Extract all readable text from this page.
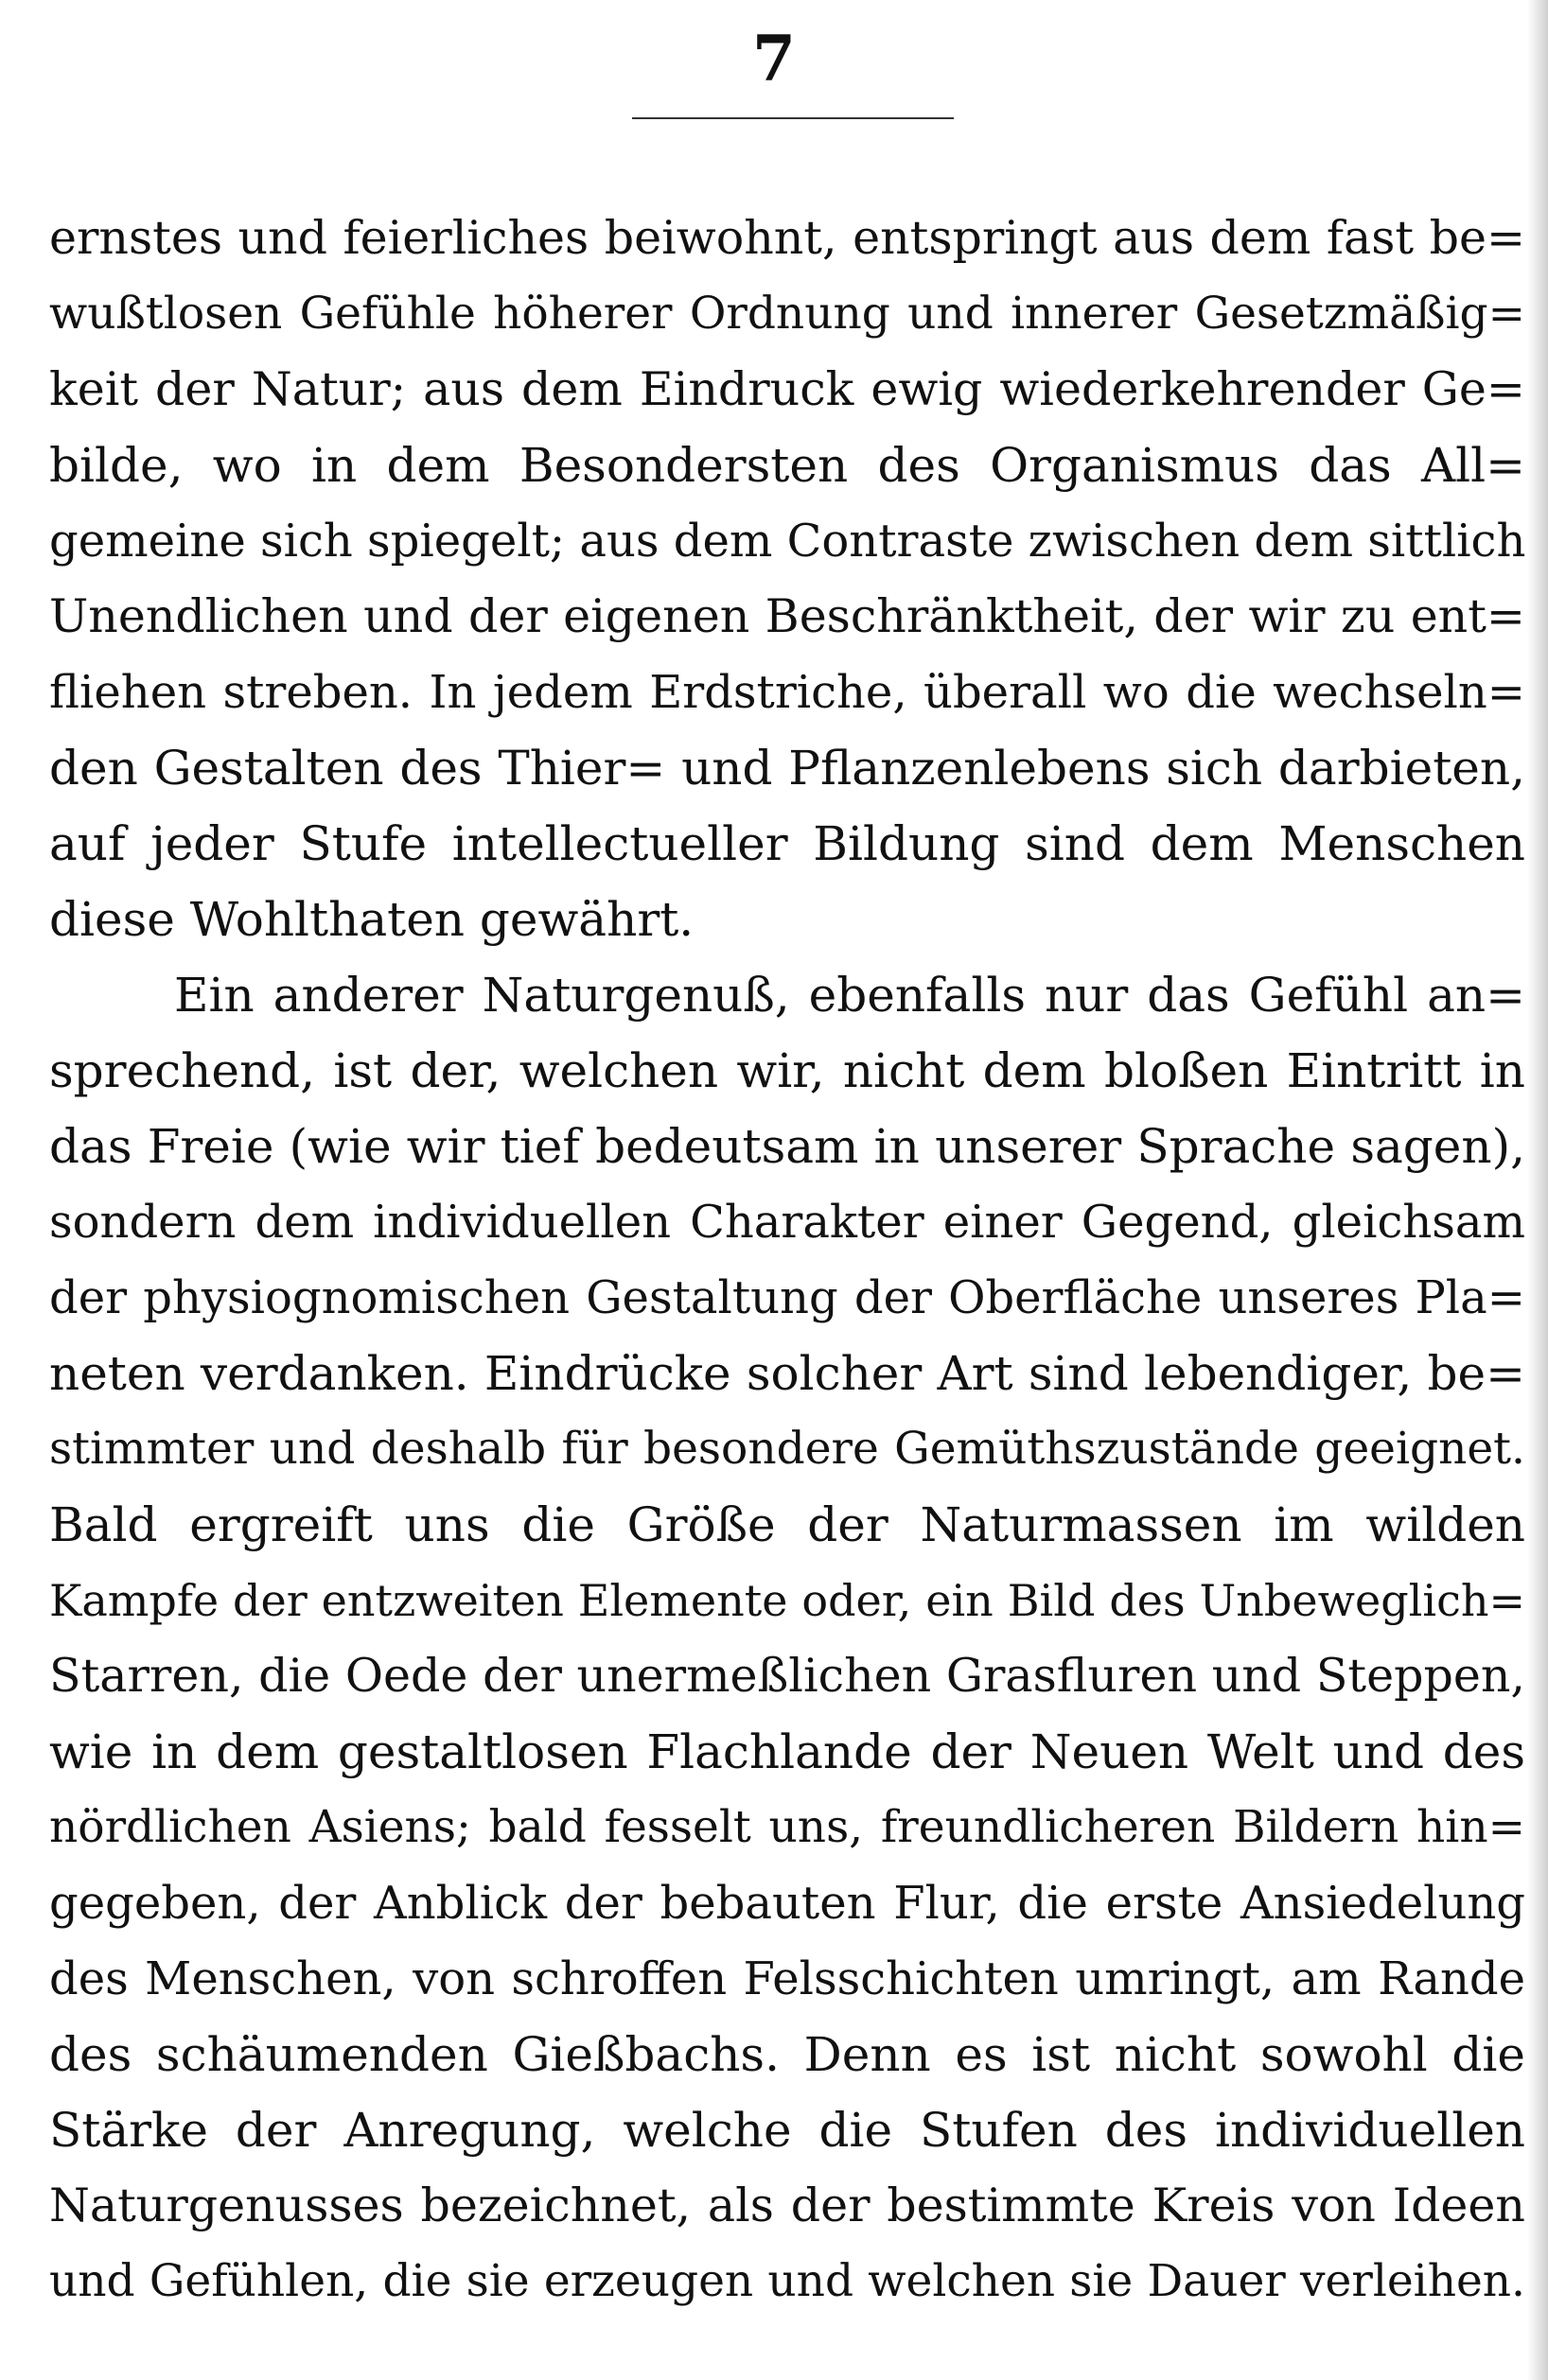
7
ernstes und feierliches beiwohnt, entspringt aus dem fast be=
wußtlosen Gefühle höherer Ordnung und innerer Gesetzmäßig=
keit der Natur; aus dem Eindruck ewig wiederkehrender Ge=
bilde, wo in dem Besondersten des Organismus das All=
gemeine sich spiegelt; aus dem Contraste zwischen dem sittlich
Unendlichen und der eigenen Beschränktheit, der wir zu ent=
fliehen streben. In jedem Erdstriche, überall wo die wechseln=
den Gestalten des Thier= und Pflanzenlebens sich darbieten,
auf jeder Stufe intellectueller Bildung sind dem Menschen
diese Wohlthaten gewährt.
Ein anderer Naturgenuß, ebenfalls nur das Gefühl an=
sprechend, ist der, welchen wir, nicht dem bloßen Eintritt in
das Freie (wie wir tief bedeutsam in unserer Sprache sagen),
sondern dem individuellen Charakter einer Gegend, gleichsam
der physiognomischen Gestaltung der Oberfläche unseres Pla=
neten verdanken. Eindrücke solcher Art sind lebendiger, be=
stimmter und deshalb für besondere Gemüthszustände geeignet.
Bald ergreift uns die Größe der Naturmassen im wilden
Kampfe der entzweiten Elemente oder, ein Bild des Unbeweglich=
Starren, die Oede der unermeßlichen Grasfluren und Steppen,
wie in dem gestaltlosen Flachlande der Neuen Welt und des
nördlichen Asiens; bald fesselt uns, freundlicheren Bildern hin=
gegeben, der Anblick der bebauten Flur, die erste Ansiedelung
des Menschen, von schroffen Felsschichten umringt, am Rande
des schäumenden Gießbachs. Denn es ist nicht sowohl die
Stärke der Anregung, welche die Stufen des individuellen
Naturgenusses bezeichnet, als der bestimmte Kreis von Ideen
und Gefühlen, die sie erzeugen und welchen sie Dauer verleihen.
